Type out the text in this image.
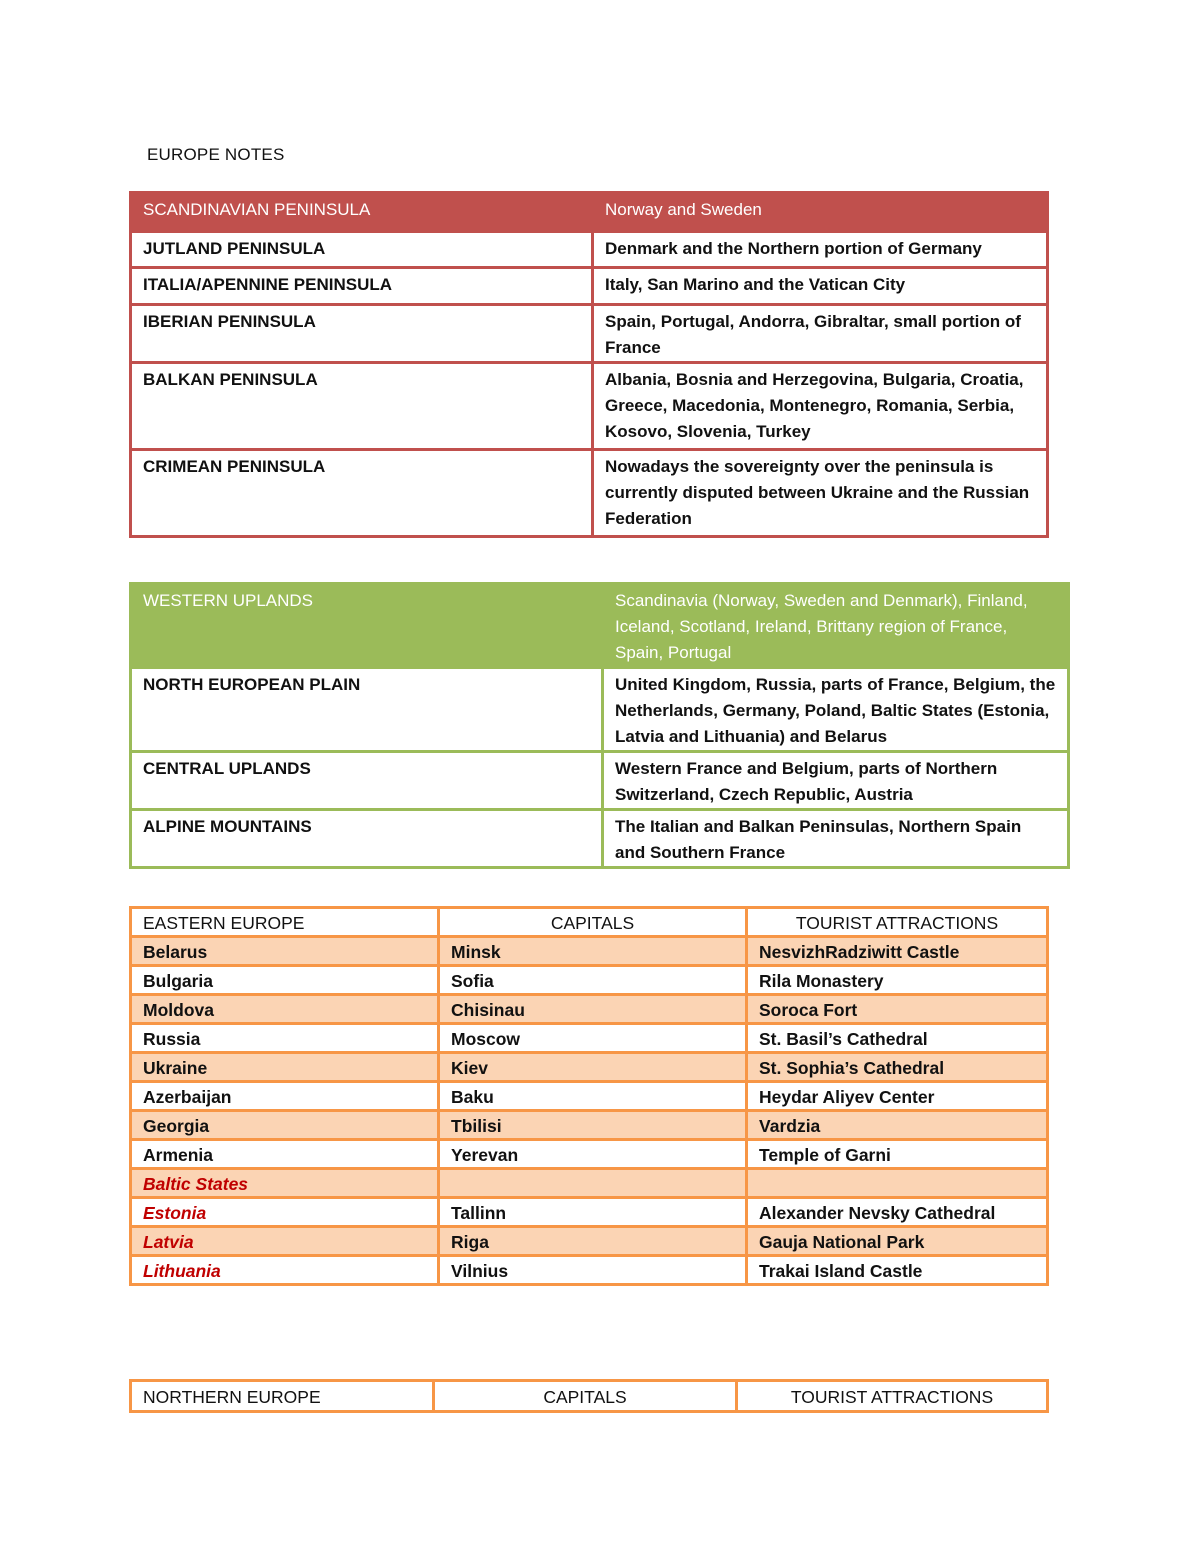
EUROPE NOTES
SCANDINAVIAN PENINSULA	Norway and Sweden
JUTLAND PENINSULA	Denmark and the Northern portion of Germany
ITALIA/APENNINE PENINSULA	Italy, San Marino and the Vatican City
IBERIAN PENINSULA	Spain, Portugal, Andorra, Gibraltar, small portion of France
BALKAN PENINSULA	Albania, Bosnia and Herzegovina, Bulgaria, Croatia, Greece, Macedonia, Montenegro, Romania, Serbia, Kosovo, Slovenia, Turkey
CRIMEAN PENINSULA	Nowadays the sovereignty over the peninsula is currently disputed between Ukraine and the Russian Federation
WESTERN UPLANDS	Scandinavia (Norway, Sweden and Denmark), Finland, Iceland, Scotland, Ireland, Brittany region of France, Spain, Portugal
NORTH EUROPEAN PLAIN	United Kingdom, Russia, parts of France, Belgium, the Netherlands, Germany, Poland, Baltic States (Estonia, Latvia and Lithuania) and Belarus
CENTRAL UPLANDS	Western France and Belgium, parts of Northern Switzerland, Czech Republic, Austria
ALPINE MOUNTAINS	The Italian and Balkan Peninsulas, Northern Spain and Southern France
EASTERN EUROPE	CAPITALS	TOURIST ATTRACTIONS
Belarus	Minsk	NesvizhRadziwitt Castle
Bulgaria	Sofia	Rila Monastery
Moldova	Chisinau	Soroca Fort
Russia	Moscow	St. Basil’s Cathedral
Ukraine	Kiev	St. Sophia’s Cathedral
Azerbaijan	Baku	Heydar Aliyev Center
Georgia	Tbilisi	Vardzia
Armenia	Yerevan	Temple of Garni
Baltic States		
Estonia	Tallinn	Alexander Nevsky Cathedral
Latvia	Riga	Gauja National Park
Lithuania	Vilnius	Trakai Island Castle
NORTHERN EUROPE	CAPITALS	TOURIST ATTRACTIONS
